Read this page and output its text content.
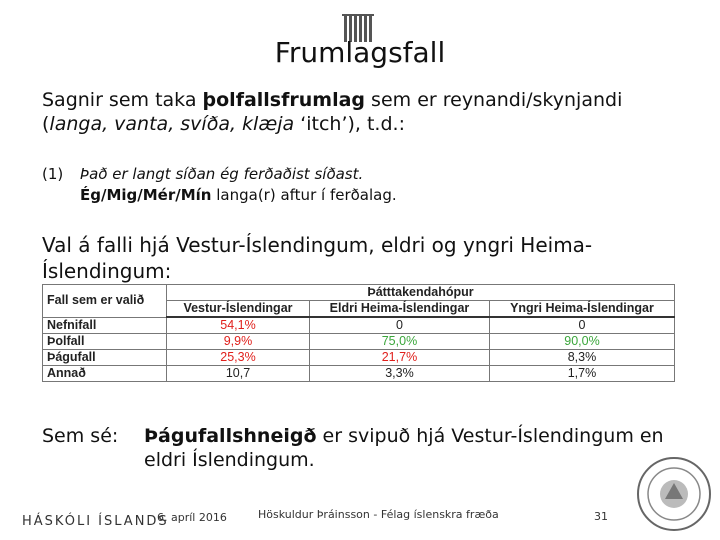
Frumlagsfall
Sagnir sem taka þolfallsfrumlag sem er reynandi/skynjandi (langa, vanta, svíða, klæja ‘itch’), t.d.:
(1) Það er langt síðan ég ferðaðist síðast.
Ég/Mig/Mér/Mín langa(r) aftur í ferðalag.
Val á falli hjá Vestur-Íslendingum, eldri og yngri Heima-Íslendingum:
Fall sem er valið	Þátttakendahópur		
	Vestur-Íslendingar	Eldri Heima-Íslendingar	Yngri Heima-Íslendingar
Nefnifall	54,1%	0	0
Þolfall	9,9%	75,0%	90,0%
Þágufall	25,3%	21,7%	8,3%
Annað	10,7	3,3%	1,7%
Sem sé: Þágufallshneigð er svipuð hjá Vestur-Íslendingum en
eldri Íslendingum.
HÁSKÓLI ÍSLANDS
6. apríl 2016	Höskuldur Þráinsson - Félag íslenskra fræða	31
